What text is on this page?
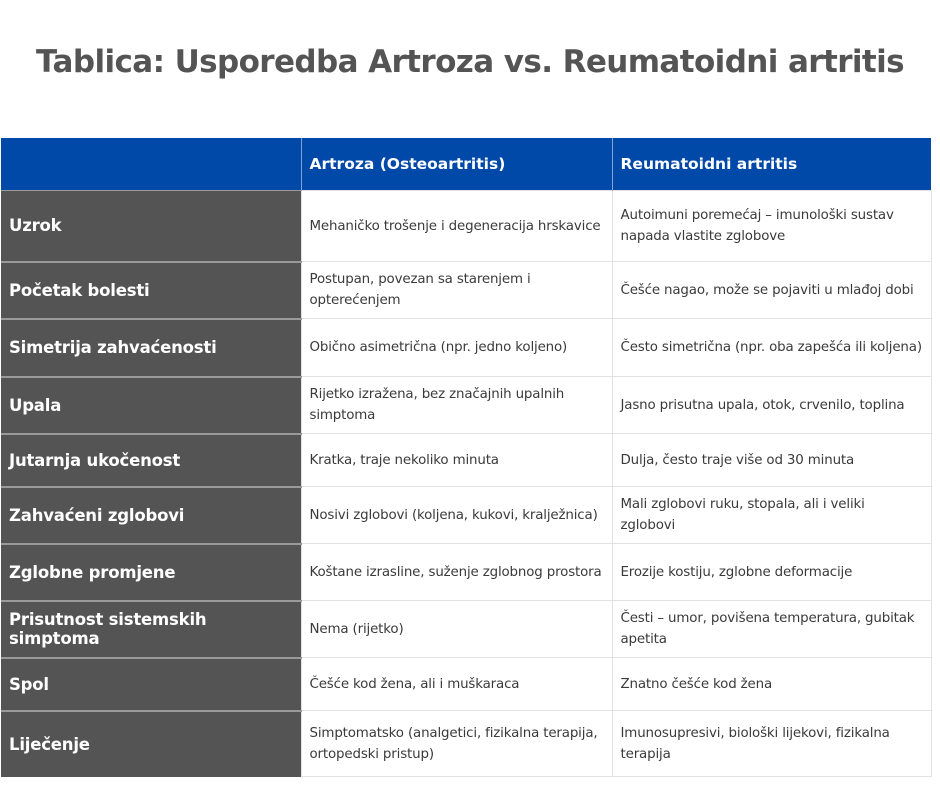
Tablica: Usporedba Artroza vs. Reumatoidni artritis
	Artroza (Osteoartritis)	Reumatoidni artritis
Uzrok	Mehaničko trošenje i degeneracija hrskavice	Autoimuni poremećaj – imunološki sustav napada vlastite zglobove
Početak bolesti	Postupan, povezan sa starenjem i opterećenjem	Češće nagao, može se pojaviti u mlađoj dobi
Simetrija zahvaćenosti	Obično asimetrična (npr. jedno koljeno)	Često simetrična (npr. oba zapešća ili koljena)
Upala	Rijetko izražena, bez značajnih upalnih simptoma	Jasno prisutna upala, otok, crvenilo, toplina
Jutarnja ukočenost	Kratka, traje nekoliko minuta	Dulja, često traje više od 30 minuta
Zahvaćeni zglobovi	Nosivi zglobovi (koljena, kukovi, kralježnica)	Mali zglobovi ruku, stopala, ali i veliki zglobovi
Zglobne promjene	Koštane izrasline, suženje zglobnog prostora	Erozije kostiju, zglobne deformacije
Prisutnost sistemskih simptoma	Nema (rijetko)	Česti – umor, povišena temperatura, gubitak apetita
Spol	Češće kod žena, ali i muškaraca	Znatno češće kod žena
Liječenje	Simptomatsko (analgetici, fizikalna terapija, ortopedski pristup)	Imunosupresivi, biološki lijekovi, fizikalna terapija
